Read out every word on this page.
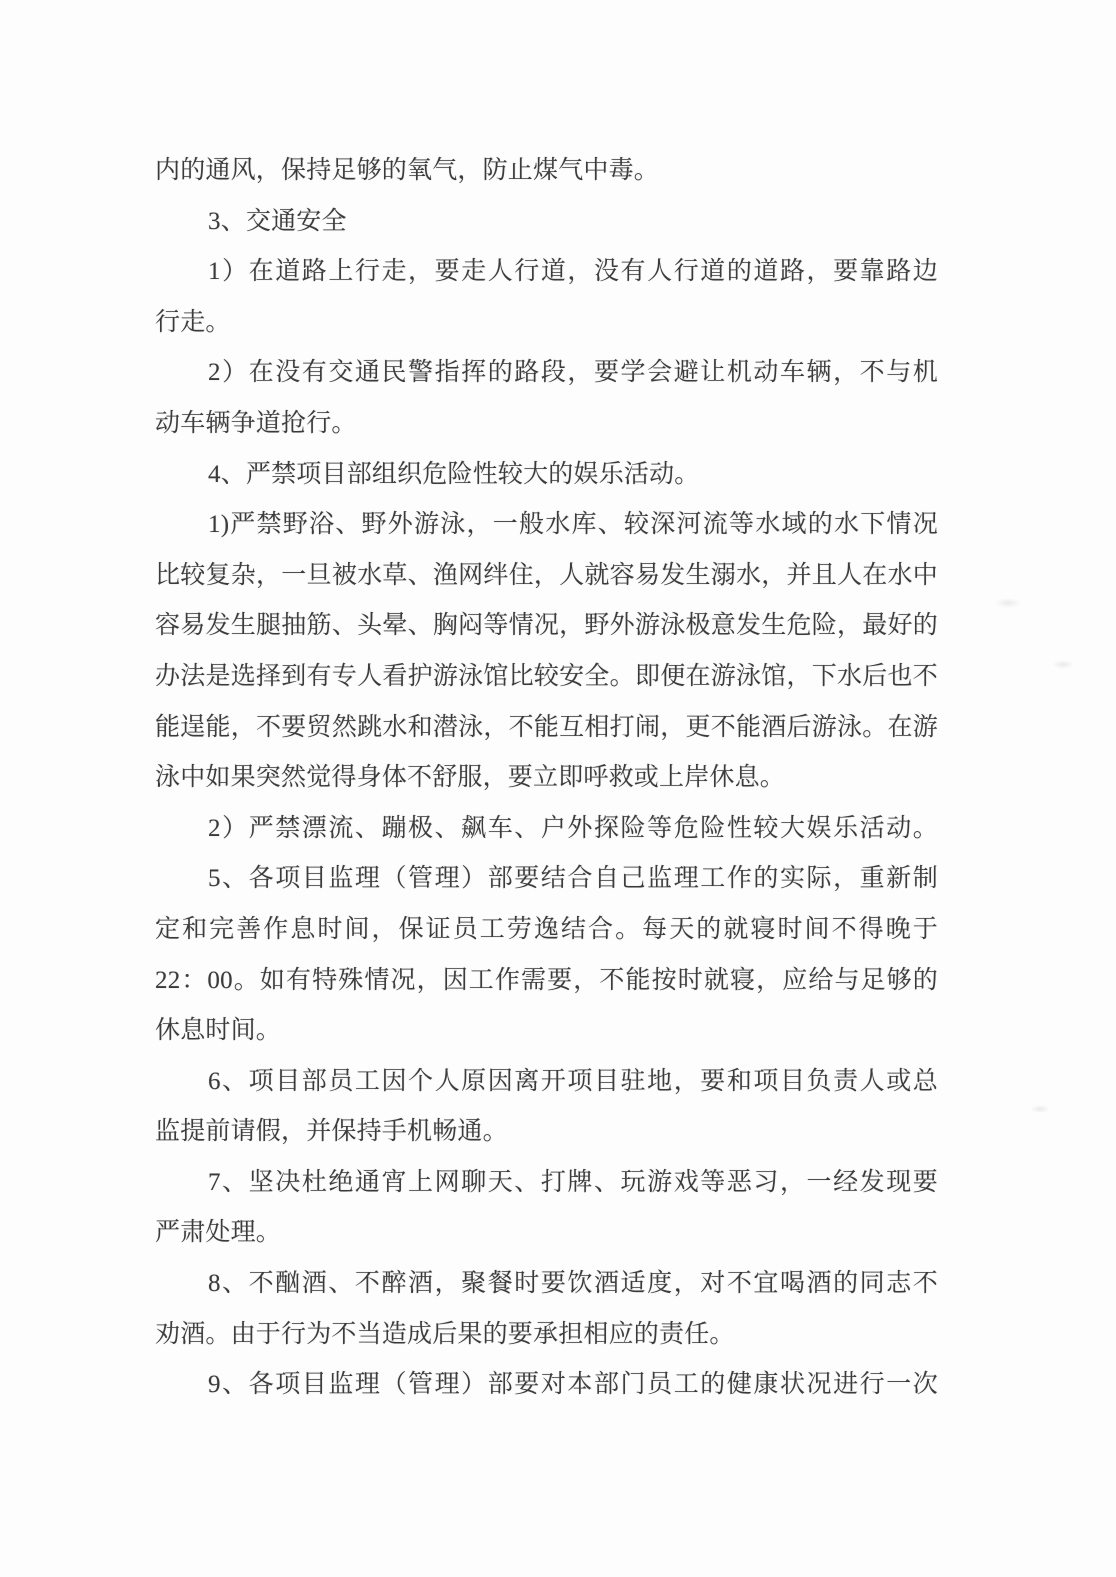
内的通风，保持足够的氧气，防止煤气中毒。
3、交通安全
1）在道路上行走，要走人行道，没有人行道的道路，要靠路边
行走。
2）在没有交通民警指挥的路段，要学会避让机动车辆，不与机
动车辆争道抢行。
4、严禁项目部组织危险性较大的娱乐活动。
1)严禁野浴、野外游泳，一般水库、较深河流等水域的水下情况
比较复杂，一旦被水草、渔网绊住，人就容易发生溺水，并且人在水中
容易发生腿抽筋、头晕、胸闷等情况，野外游泳极意发生危险，最好的
办法是选择到有专人看护游泳馆比较安全。即便在游泳馆，下水后也不
能逞能，不要贸然跳水和潜泳，不能互相打闹，更不能酒后游泳。在游
泳中如果突然觉得身体不舒服，要立即呼救或上岸休息。
2）严禁漂流、蹦极、飙车、户外探险等危险性较大娱乐活动。
5、各项目监理（管理）部要结合自己监理工作的实际，重新制
定和完善作息时间，保证员工劳逸结合。每天的就寝时间不得晚于
22：00。如有特殊情况，因工作需要，不能按时就寝，应给与足够的
休息时间。
6、项目部员工因个人原因离开项目驻地，要和项目负责人或总
监提前请假，并保持手机畅通。
7、坚决杜绝通宵上网聊天、打牌、玩游戏等恶习，一经发现要
严肃处理。
8、不酗酒、不醉酒，聚餐时要饮酒适度，对不宜喝酒的同志不
劝酒。由于行为不当造成后果的要承担相应的责任。
9、各项目监理（管理）部要对本部门员工的健康状况进行一次
